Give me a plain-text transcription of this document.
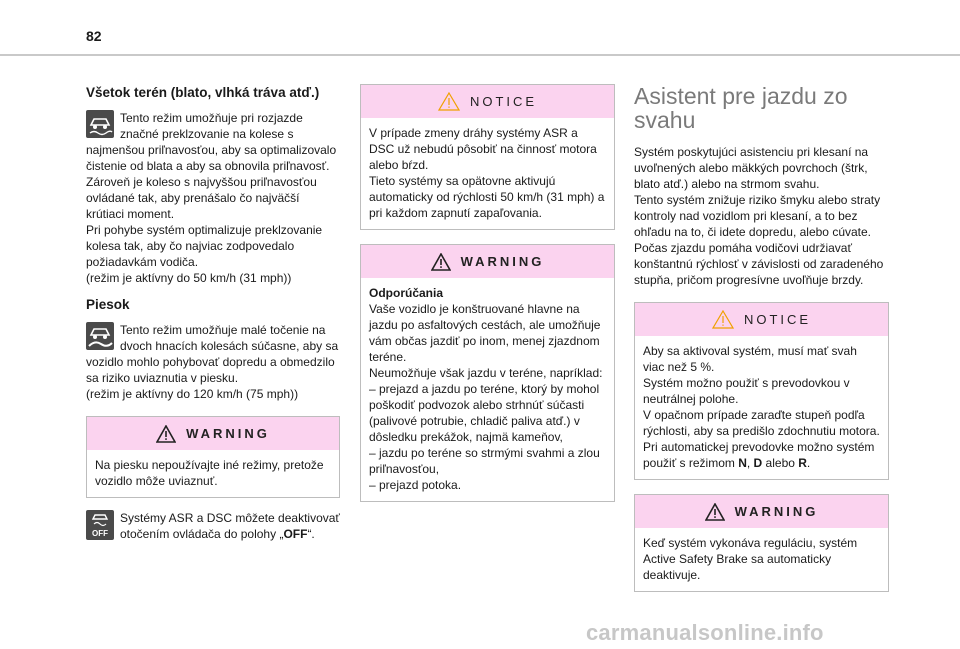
82
Všetok terén (blato, vlhká tráva atď.)
Tento režim umožňuje pri rozjazde značné preklzovanie na kolese s najmenšou priľnavosťou, aby sa optimalizovalo čistenie od blata a aby sa obnovila priľnavosť.
Zároveň je koleso s najvyššou priľnavosťou ovládané tak, aby prenášalo čo najväčší krútiaci moment.
Pri pohybe systém optimalizuje preklzovanie kolesa tak, aby čo najviac zodpovedalo požiadavkám vodiča.
(režim je aktívny do 50 km/h (31 mph))
Piesok
Tento režim umožňuje malé točenie na dvoch hnacích kolesách súčasne, aby sa vozidlo mohlo pohybovať dopredu a obmedzilo sa riziko uviaznutia v piesku.
(režim je aktívny do 120 km/h (75 mph))
WARNING
Na piesku nepoužívajte iné režimy, pretože vozidlo môže uviaznuť.
OFF
Systémy ASR a DSC môžete deaktivovať otočením ovládača do polohy „OFF“.
NOTICE
V prípade zmeny dráhy systémy ASR a DSC už nebudú pôsobiť na činnosť motora alebo bŕzd.
Tieto systémy sa opätovne aktivujú automaticky od rýchlosti 50 km/h (31 mph) a pri každom zapnutí zapaľovania.
WARNING
Odporúčania
Vaše vozidlo je konštruované hlavne na jazdu po asfaltových cestách, ale umožňuje vám občas jazdiť po inom, menej zjazdnom teréne.
Neumožňuje však jazdu v teréne, napríklad:
– prejazd a jazdu po teréne, ktorý by mohol poškodiť podvozok alebo strhnúť súčasti (palivové potrubie, chladič paliva atď.) v dôsledku prekážok, najmä kameňov,
– jazdu po teréne so strmými svahmi a zlou priľnavosťou,
– prejazd potoka.
Asistent pre jazdu zo svahu
Systém poskytujúci asistenciu pri klesaní na uvoľnených alebo mäkkých povrchoch (štrk, blato atď.) alebo na strmom svahu.
Tento systém znižuje riziko šmyku alebo straty kontroly nad vozidlom pri klesaní, a to bez ohľadu na to, či idete dopredu, alebo cúvate.
Počas zjazdu pomáha vodičovi udržiavať konštantnú rýchlosť v závislosti od zaradeného stupňa, pričom progresívne uvoľňuje brzdy.
NOTICE
Aby sa aktivoval systém, musí mať svah viac než 5 %.
Systém možno použiť s prevodovkou v neutrálnej polohe.
V opačnom prípade zaraďte stupeň podľa rýchlosti, aby sa predišlo zdochnutiu motora.
Pri automatickej prevodovke možno systém použiť s režimom N, D alebo R.
WARNING
Keď systém vykonáva reguláciu, systém Active Safety Brake sa automaticky deaktivuje.
carmanualsonline.info
